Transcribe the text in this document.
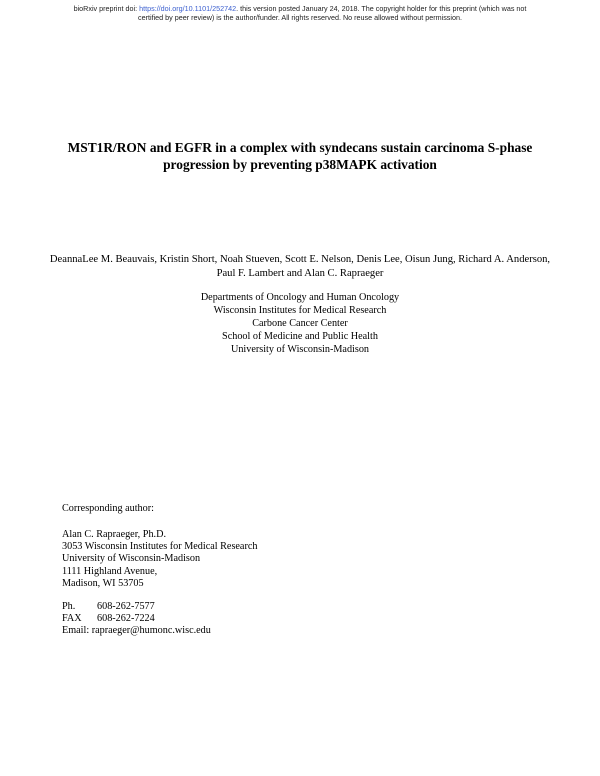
bioRxiv preprint doi: https://doi.org/10.1101/252742. this version posted January 24, 2018. The copyright holder for this preprint (which was not
certified by peer review) is the author/funder. All rights reserved. No reuse allowed without permission.
MST1R/RON and EGFR in a complex with syndecans sustain carcinoma S-phase progression by preventing p38MAPK activation

DeannaLee M. Beauvais, Kristin Short, Noah Stueven, Scott E. Nelson, Denis Lee, Oisun Jung, Richard A. Anderson, Paul F. Lambert and Alan C. Rapraeger

Departments of Oncology and Human Oncology
Wisconsin Institutes for Medical Research
Carbone Cancer Center
School of Medicine and Public Health
University of Wisconsin-Madison
Corresponding author:
Alan C. Rapraeger, Ph.D.
3053 Wisconsin Institutes for Medical Research
University of Wisconsin-Madison
1111 Highland Avenue,
Madison, WI 53705
Ph. 608-262-7577
FAX 608-262-7224
Email: rapraeger@humonc.wisc.edu
